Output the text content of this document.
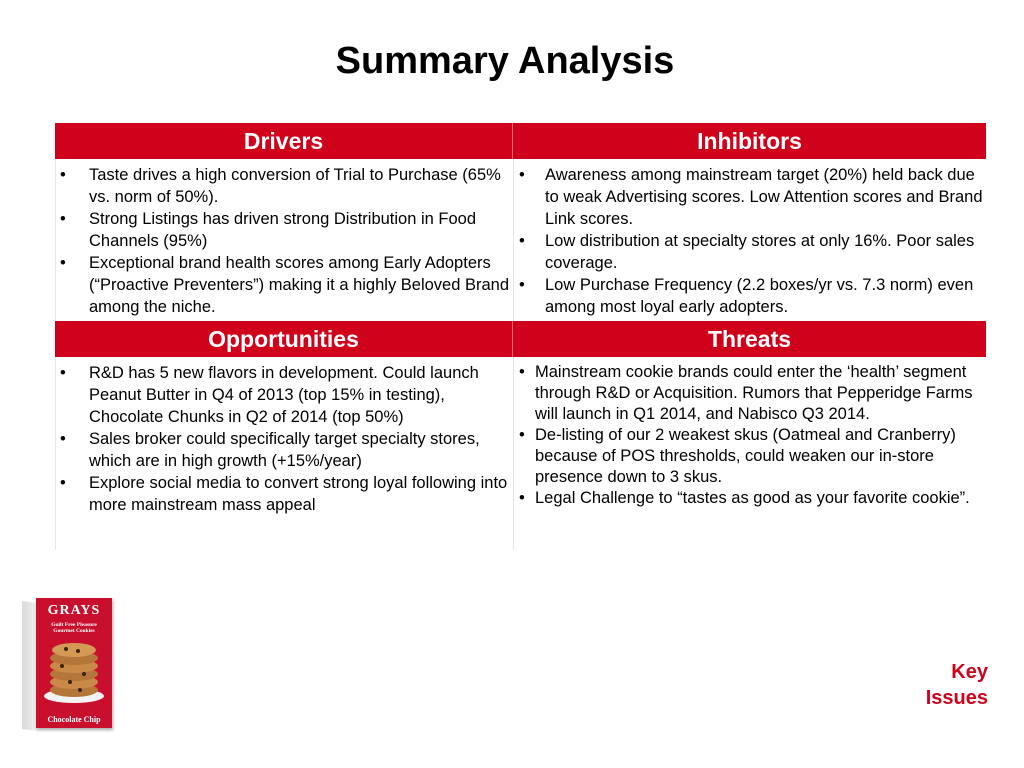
Summary Analysis
Drivers	Inhibitors
• Taste drives a high conversion of Trial to Purchase (65% vs. norm of 50%).
• Strong Listings has driven strong Distribution in Food Channels (95%)
• Exceptional brand health scores among Early Adopters (“Proactive Preventers”) making it a highly Beloved Brand among the niche.
• Awareness among mainstream target (20%) held back due to weak Advertising scores. Low Attention scores and Brand Link scores.
• Low distribution at specialty stores at only 16%. Poor sales coverage.
• Low Purchase Frequency (2.2 boxes/yr vs. 7.3 norm) even among most loyal early adopters.
Opportunities	Threats
• R&D has 5 new flavors in development. Could launch Peanut Butter in Q4 of 2013 (top 15% in testing), Chocolate Chunks in Q2 of 2014 (top 50%)
• Sales broker could specifically target specialty stores, which are in high growth (+15%/year)
• Explore social media to convert strong loyal following into more mainstream mass appeal
• Mainstream cookie brands could enter the ‘health’ segment through R&D or Acquisition. Rumors that Pepperidge Farms will launch in Q1 2014, and Nabisco Q3 2014.
• De-listing of our 2 weakest skus (Oatmeal and Cranberry) because of POS thresholds, could weaken our in-store presence down to 3 skus.
• Legal Challenge to “tastes as good as your favorite cookie”.
GRAYS
Guilt Free Pleasure
Gourmet Cookies
Chocolate Chip
Key
Issues
